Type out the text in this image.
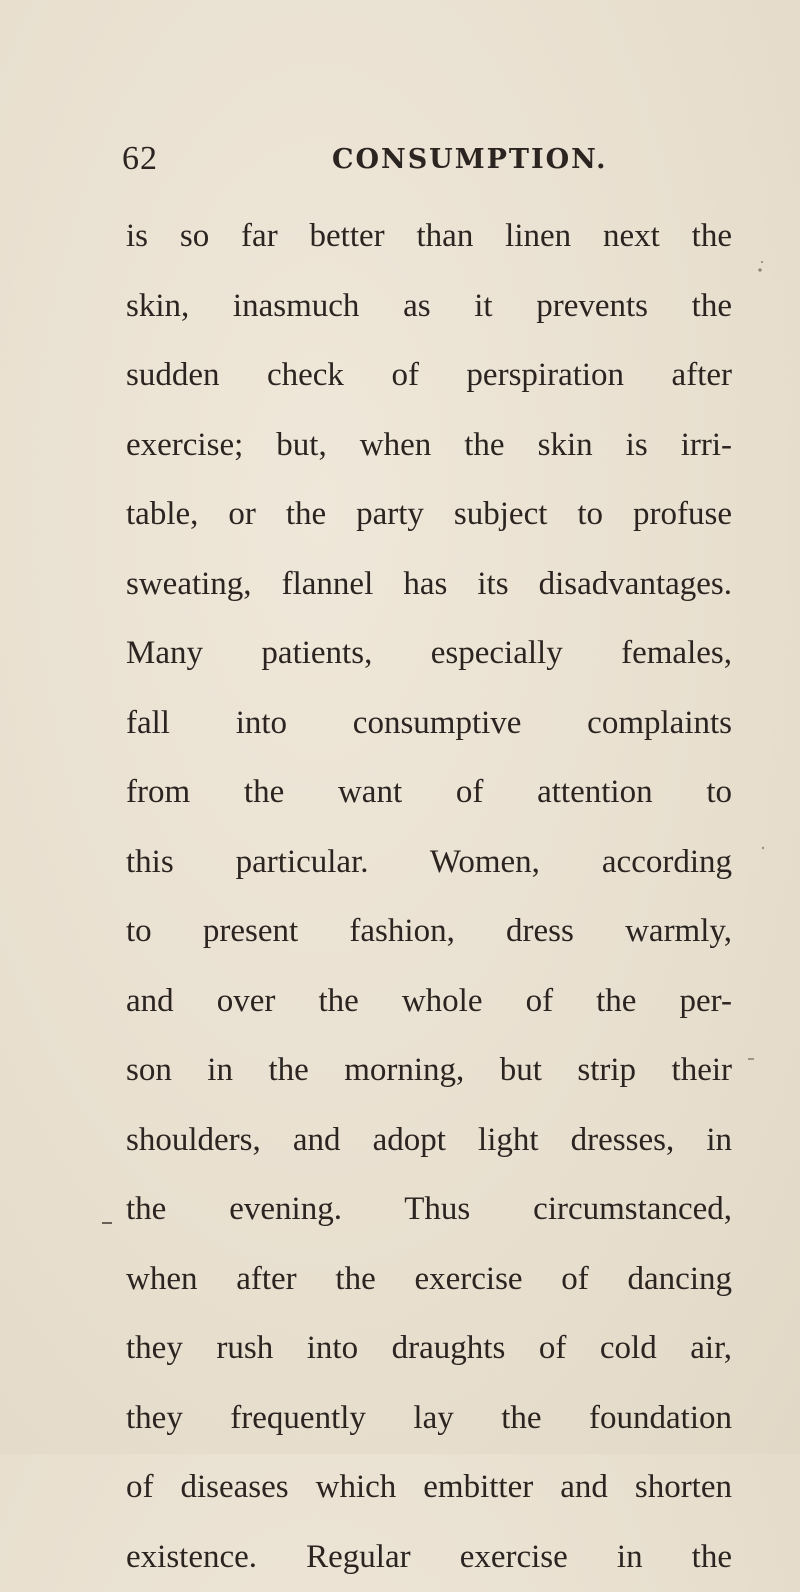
62	CONSUMPTION.
is so far better than linen next the
skin, inasmuch as it prevents the
sudden check of perspiration after
exercise; but, when the skin is irri-
table, or the party subject to profuse
sweating, flannel has its disadvantages.
Many patients, especially females,
fall into consumptive complaints
from the want of attention to
this particular. Women, according
to present fashion, dress warmly,
and over the whole of the per-
son in the morning, but strip their
shoulders, and adopt light dresses, in
the evening. Thus circumstanced,
when after the exercise of dancing
they rush into draughts of cold air,
they frequently lay the foundation
of diseases which embitter and shorten
existence. Regular exercise in the
